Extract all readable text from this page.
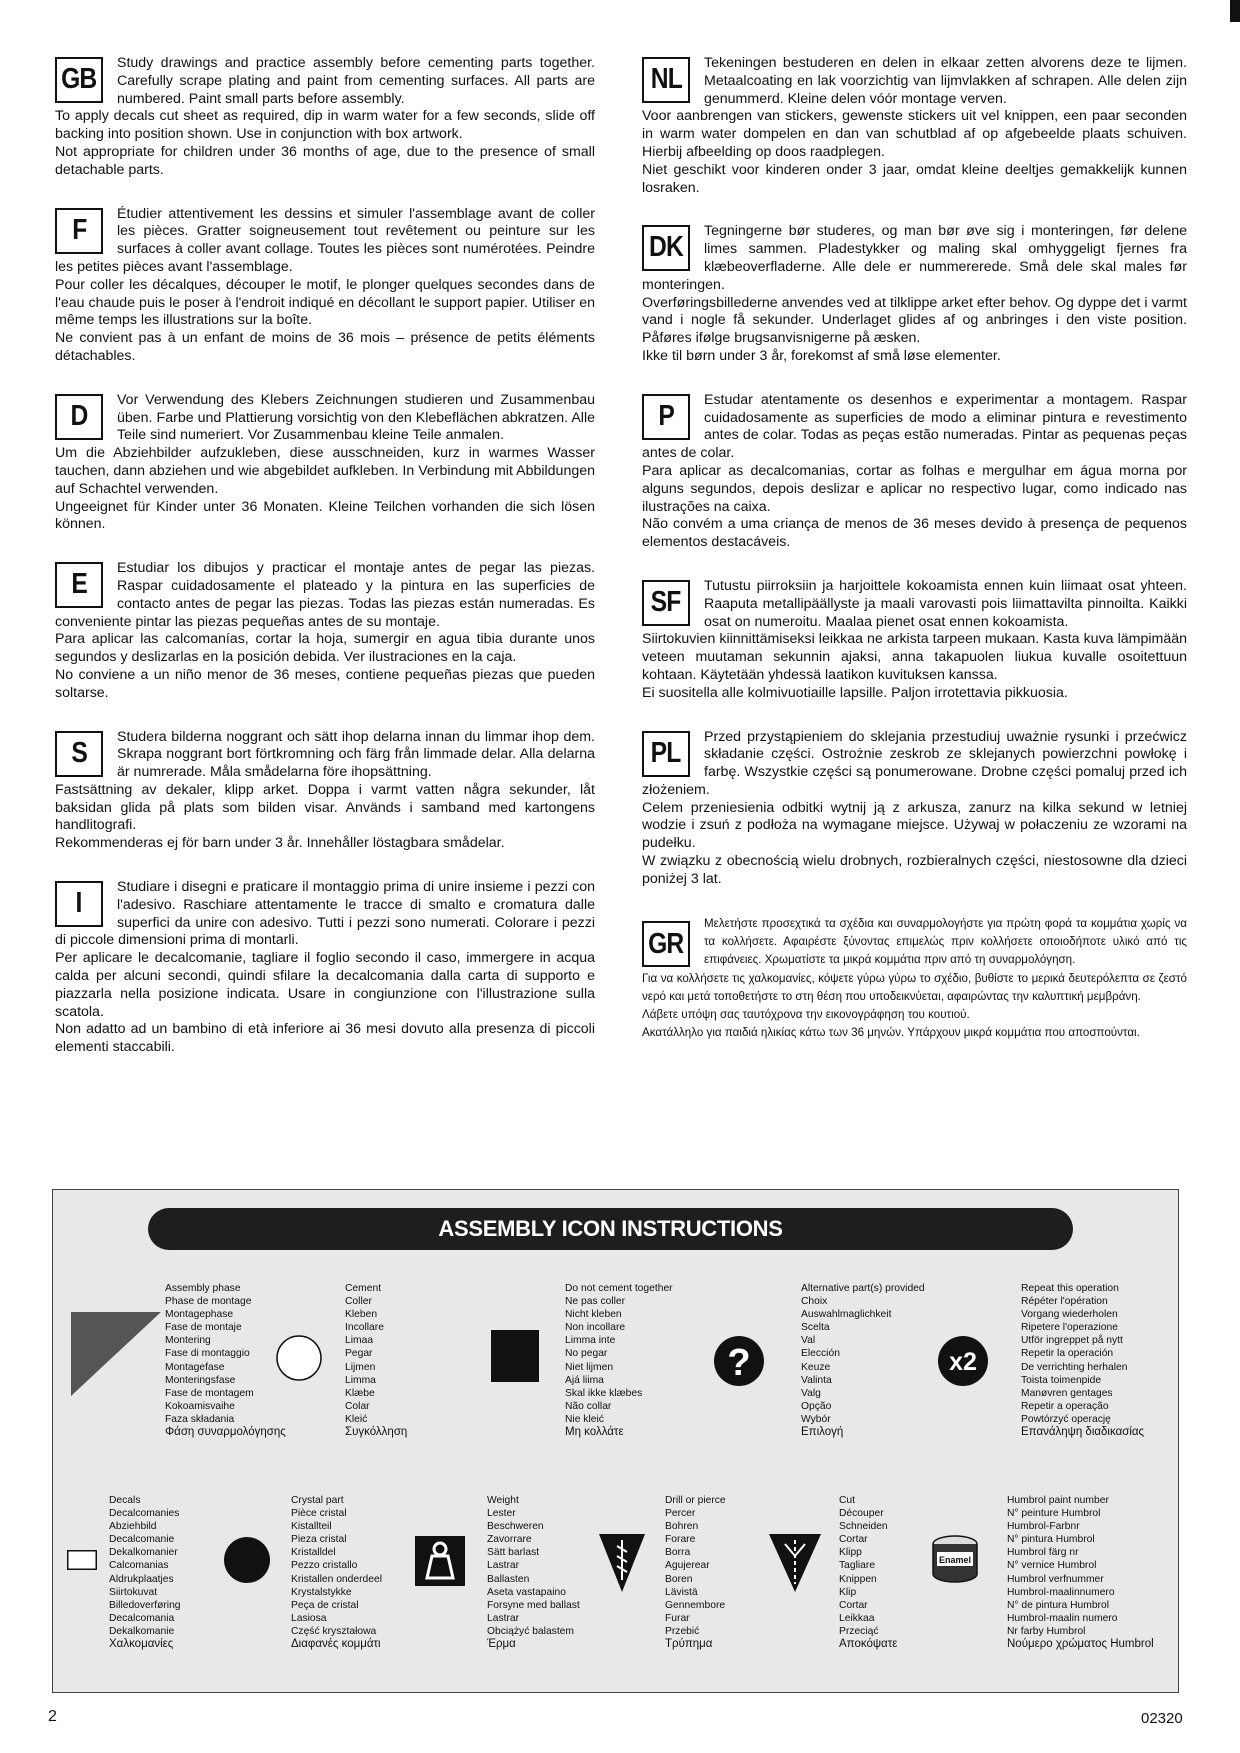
GB

Study drawings and practice assembly before cementing parts together. Carefully scrape plating and paint from cementing surfaces. All parts are numbered. Paint small parts before assembly.

To apply decals cut sheet as required, dip in warm water for a few seconds, slide off backing into position shown. Use in conjunction with box artwork.

Not appropriate for children under 36 months of age, due to the presence of small detachable parts.

F

Étudier attentivement les dessins et simuler l'assemblage avant de coller les pièces. Gratter soigneusement tout revêtement ou peinture sur les surfaces à coller avant collage. Toutes les pièces sont numérotées. Peindre les petites pièces avant l'assemblage.

Pour coller les décalques, découper le motif, le plonger quelques secondes dans de l'eau chaude puis le poser à l'endroit indiqué en décollant le support papier. Utiliser en même temps les illustrations sur la boîte.

Ne convient pas à un enfant de moins de 36 mois – présence de petits éléments détachables.

D

Vor Verwendung des Klebers Zeichnungen studieren und Zusammenbau üben. Farbe und Plattierung vorsichtig von den Klebeflächen abkratzen. Alle Teile sind numeriert. Vor Zusammenbau kleine Teile anmalen.

Um die Abziehbilder aufzukleben, diese ausschneiden, kurz in warmes Wasser tauchen, dann abziehen und wie abgebildet aufkleben. In Verbindung mit Abbildungen auf Schachtel verwenden.

Ungeeignet für Kinder unter 36 Monaten. Kleine Teilchen vorhanden die sich lösen können.

E

Estudiar los dibujos y practicar el montaje antes de pegar las piezas. Raspar cuidadosamente el plateado y la pintura en las superficies de contacto antes de pegar las piezas. Todas las piezas están numeradas. Es conveniente pintar las piezas pequeñas antes de su montaje.

Para aplicar las calcomanías, cortar la hoja, sumergir en agua tibia durante unos segundos y deslizarlas en la posición debida. Ver ilustraciones en la caja.

No conviene a un niño menor de 36 meses, contiene pequeñas piezas que pueden soltarse.

S

Studera bilderna noggrant och sätt ihop delarna innan du limmar ihop dem. Skrapa noggrant bort förtkromning och färg från limmade delar. Alla delarna är numrerade. Måla smådelarna före ihopsättning.

Fastsättning av dekaler, klipp arket. Doppa i varmt vatten några sekunder, låt baksidan glida på plats som bilden visar. Används i samband med kartongens handlitografi.

Rekommenderas ej för barn under 3 år. Innehåller löstagbara smådelar.

I

Studiare i disegni e praticare il montaggio prima di unire insieme i pezzi con l'adesivo. Raschiare attentamente le tracce di smalto e cromatura dalle superfici da unire con adesivo. Tutti i pezzi sono numerati. Colorare i pezzi di piccole dimensioni prima di montarli.

Per aplicare le decalcomanie, tagliare il foglio secondo il caso, immergere in acqua calda per alcuni secondi, quindi sfilare la decalcomania dalla carta di supporto e piazzarla nella posizione indicata. Usare in congiunzione con l'illustrazione sulla scatola.

Non adatto ad un bambino di età inferiore ai 36 mesi dovuto alla presenza di piccoli elementi staccabili.

NL

Tekeningen bestuderen en delen in elkaar zetten alvorens deze te lijmen. Metaalcoating en lak voorzichtig van lijmvlakken af schrapen. Alle delen zijn genummerd. Kleine delen vóór montage verven.

Voor aanbrengen van stickers, gewenste stickers uit vel knippen, een paar seconden in warm water dompelen en dan van schutblad af op afgebeelde plaats schuiven. Hierbij afbeelding op doos raadplegen.

Niet geschikt voor kinderen onder 3 jaar, omdat kleine deeltjes gemakkelijk kunnen losraken.

DK

Tegningerne bør studeres, og man bør øve sig i monteringen, før delene limes sammen. Pladestykker og maling skal omhyggeligt fjernes fra klæbeoverfladerne. Alle dele er nummererede. Små dele skal males før monteringen.

Overføringsbillederne anvendes ved at tilklippe arket efter behov. Og dyppe det i varmt vand i nogle få sekunder. Underlaget glides af og anbringes i den viste position. Påføres ifølge brugsanvisnigerne på æsken.

Ikke til børn under 3 år, forekomst af små løse elementer.

P

Estudar atentamente os desenhos e experimentar a montagem. Raspar cuidadosamente as superficies de modo a eliminar pintura e revestimento antes de colar. Todas as peças estão numeradas. Pintar as pequenas peças antes de colar.

Para aplicar as decalcomanias, cortar as folhas e mergulhar em água morna por alguns segundos, depois deslizar e aplicar no respectivo lugar, como indicado nas ilustrações na caixa.

Não convém a uma criança de menos de 36 meses devido à presença de pequenos elementos destacáveis.

SF

Tutustu piirroksiin ja harjoittele kokoamista ennen kuin liimaat osat yhteen. Raaputa metallipäällyste ja maali varovasti pois liimattavilta pinnoilta. Kaikki osat on numeroitu. Maalaa pienet osat ennen kokoamista.

Siirtokuvien kiinnittämiseksi leikkaa ne arkista tarpeen mukaan. Kasta kuva lämpimään veteen muutaman sekunnin ajaksi, anna takapuolen liukua kuvalle osoitettuun kohtaan. Käytetään yhdessä laatikon kuvituksen kanssa.

Ei suositella alle kolmivuotiaille lapsille. Paljon irrotettavia pikkuosia.

PL

Przed przystąpieniem do sklejania przestudiuj uważnie rysunki i przećwicz składanie części. Ostrożnie zeskrob ze sklejanych powierzchni powłokę i farbę. Wszystkie części są ponumerowane. Drobne części pomaluj przed ich złożeniem.

Celem przeniesienia odbitki wytnij ją z arkusza, zanurz na kilka sekund w letniej wodzie i zsuń z podłoża na wymagane miejsce. Używaj w połaczeniu ze wzorami na pudełku.

W związku z obecnością wielu drobnych, rozbieralnych części, niestosowne dla dzieci poniżej 3 lat.

GR

Μελετήστε προσεχτικά τα σχέδια και συναρμολογήστε για πρώτη φορά τα κομμάτια χωρίς να τα κολλήσετε. Αφαιρέστε ξύνοντας επιμελώς πριν κολλήσετε οποιοδήποτε υλικό από τις επιφάνειες. Χρωματίστε τα μικρά κομμάτια πριν από τη συναρμολόγηση.

Για να κολλήσετε τις χαλκομανίες, κόψετε γύρω γύρω το σχέδιο, βυθίστε το μερικά δευτερόλεπτα σε ζεστό νερό και μετά τοποθετήστε το στη θέση που υποδεικνύεται, αφαιρώντας την καλυπτική μεμβράνη.

Λάβετε υπόψη σας ταυτόχρονα την εικονογράφηση του κουτιού.

Ακατάλληλο για παιδιά ηλικίας κάτω των 36 μηνών. Υπάρχουν μικρά κομμάτια που αποσπούνται.

ASSEMBLY ICON INSTRUCTIONS
Assembly phase
Phase de montage
Montagephase
Fase de montaje
Montering
Fase di montaggio
Montagefase
Monteringsfase
Fase de montagem
Kokoamisvaihe
Faza składania
Φάση συναρμολόγησης
Cement
Coller
Kleben
Incollare
Limaa
Pegar
Lijmen
Limma
Klæbe
Colar
Kleić
Συγκόλληση
Do not cement together
Ne pas coller
Nicht kleben
Non incollare
Limma inte
No pegar
Niet lijmen
Ajá liima
Skal ikke klæbes
Não collar
Nie kleić
Μη κολλάτε
?
Alternative part(s) provided
Choix
Auswahlmaglichkeit
Scelta
Val
Elección
Keuze
Valinta
Valg
Opção
Wybór
Επιλογή
x2
Repeat this operation
Répéter l'opération
Vorgang wiederholen
Ripetere l'operazione
Utför ingreppet på nytt
Repetir la operación
De verrichting herhalen
Toista toimenpide
Manøvren gentages
Repetir a operação
Powtórzyć operację
Επανάληψη διαδικασίας
Decals
Decalcomanies
Abziehbild
Decalcomanie
Dekalkomanier
Calcomanias
Aldrukplaatjes
Siirtokuvat
Billedoverføring
Decalcomania
Dekalkomanie
Χαλκομανίες
Crystal part
Pièce cristal
Kistallteil
Pieza cristal
Kristalldel
Pezzo cristallo
Kristallen onderdeel
Krystalstykke
Peça de cristal
Lasiosa
Część kryształowa
Διαφανές κομμάτι
Weight
Lester
Beschweren
Zavorrare
Sätt barlast
Lastrar
Ballasten
Aseta vastapaino
Forsyne med ballast
Lastrar
Obciążyć balastem
Έρμα
Drill or pierce
Percer
Bohren
Forare
Borra
Agujerear
Boren
Lävistä
Gennembore
Furar
Przebić
Τρύπημα
Cut
Découper
Schneiden
Cortar
Klipp
Tagliare
Knippen
Klip
Cortar
Leikkaa
Przeciąć
Αποκόψατε
Enamel
Humbrol paint number
N° peinture Humbrol
Humbrol-Farbnr
N° pintura Humbrol
Humbrol färg nr
N° vernice Humbrol
Humbrol verfnummer
Humbrol-maalinnumero
N° de pintura Humbrol
Humbrol-maalin numero
Nr farby Humbrol
Νούμερο χρώματος Humbrol
2	02320
